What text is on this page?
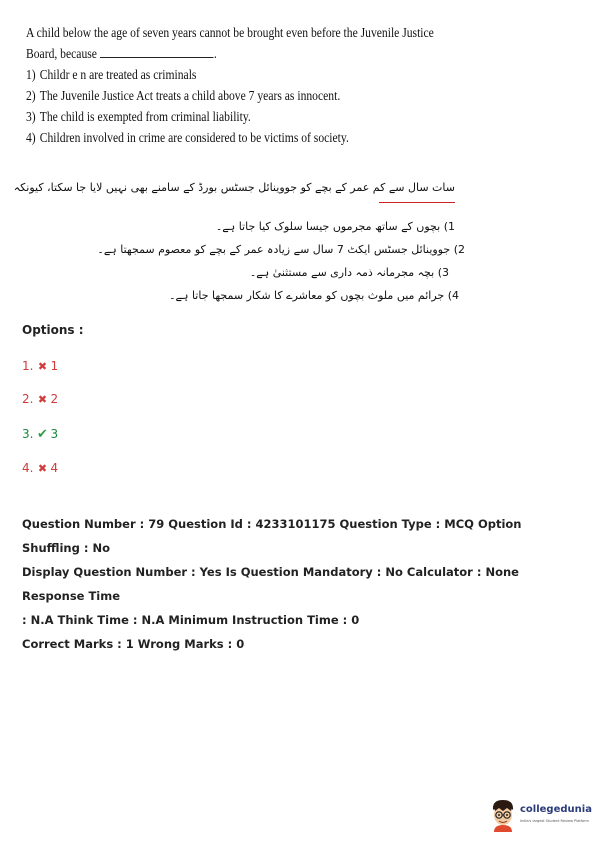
A child below the age of seven years cannot be brought even before the Juvenile Justice
Board, because	.
1) Childr e n are treated as criminals
2) The Juvenile Justice Act treats a child above 7 years as innocent.
3) The child is exempted from criminal liability.
4) Children involved in crime are considered to be victims of society.
سات سال سے کم عمر کے بچے کو جووینائل جسٹس بورڈ کے سامنے بھی نہیں لایا جا سکتا، کیونکہ
1) بچوں کے ساتھ مجرموں جیسا سلوک کیا جاتا ہے۔
2) جووینائل جسٹس ایکٹ 7 سال سے زیادہ عمر کے بچے کو معصوم سمجھتا ہے۔
3) بچہ مجرمانہ ذمہ داری سے مستثنیٰ ہے۔
4) جرائم میں ملوث بچوں کو معاشرے کا شکار سمجھا جاتا ہے۔
Options :
1. ✖ 1
2. ✖ 2
3. ✔ 3
4. ✖ 4
Question Number : 79 Question Id : 4233101175 Question Type : MCQ Option Shuffling : No
Display Question Number : Yes Is Question Mandatory : No Calculator : None Response Time
: N.A Think Time : N.A Minimum Instruction Time : 0
Correct Marks : 1 Wrong Marks : 0
collegedunia
India's largest Student Review Platform
